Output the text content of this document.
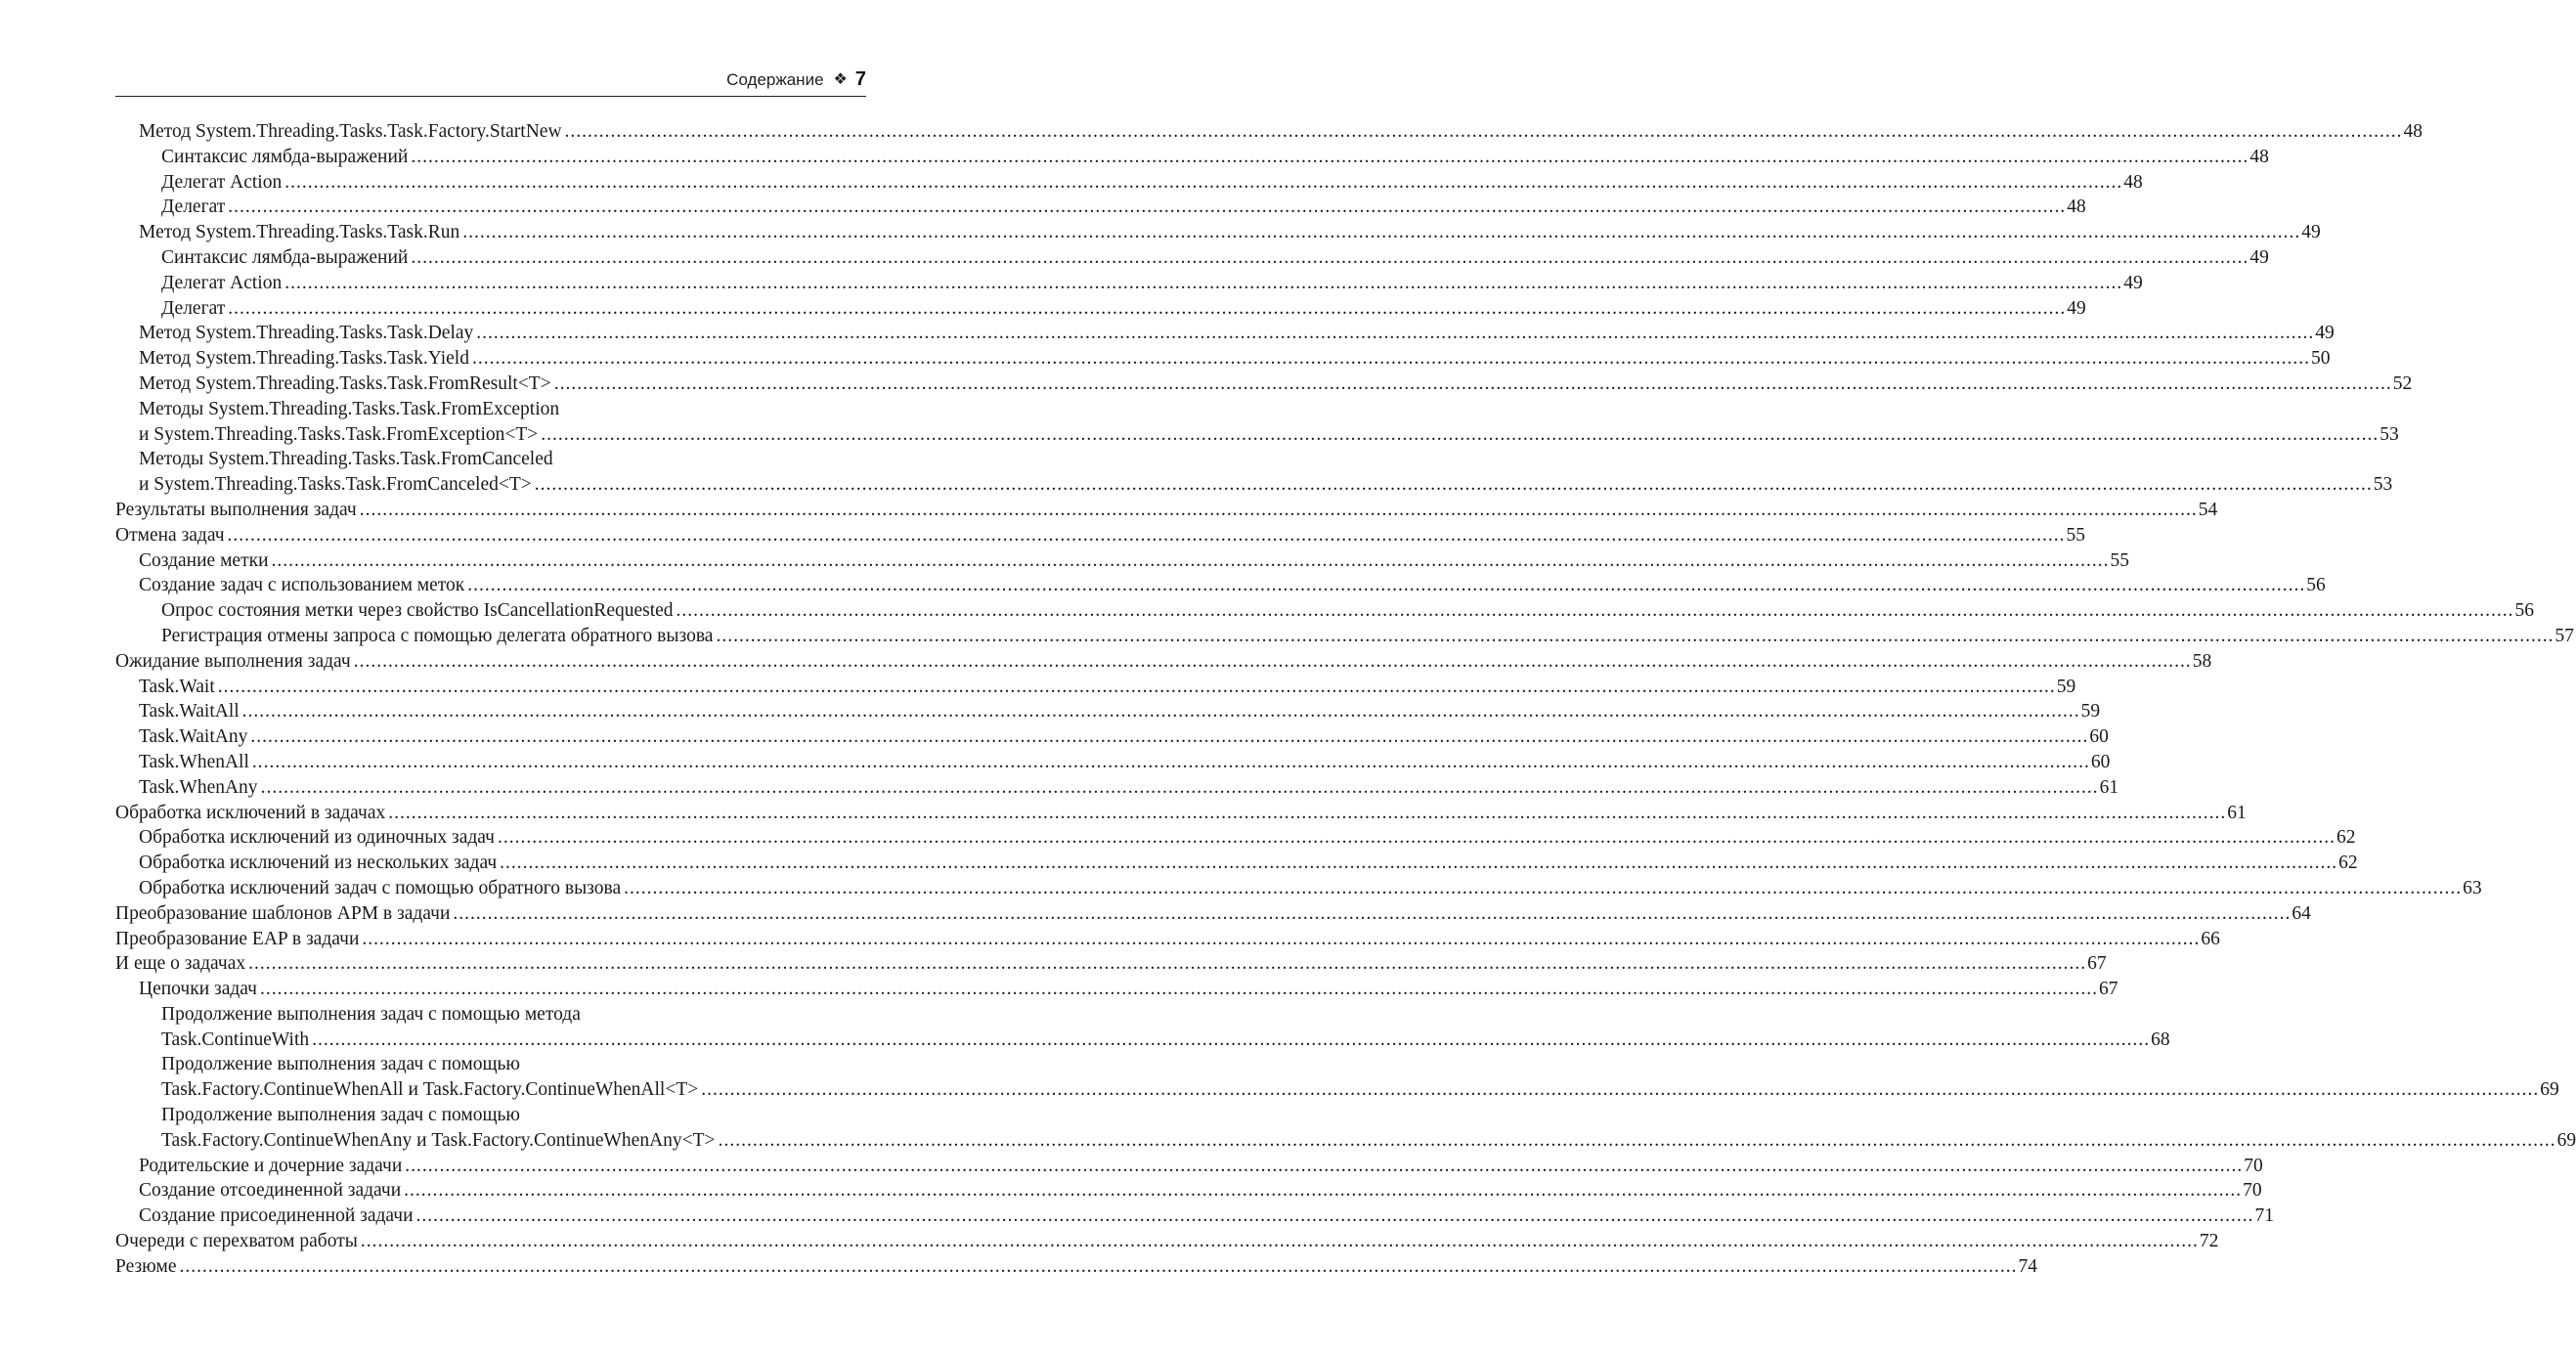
Содержание ❖ 7
Метод System.Threading.Tasks.Task.Factory.StartNew .....	48
Синтаксис лямбда-выражений .....	48
Делегат Action .....	48
Делегат .....	48
Метод System.Threading.Tasks.Task.Run .....	49
Синтаксис лямбда-выражений .....	49
Делегат Action .....	49
Делегат .....	49
Метод System.Threading.Tasks.Task.Delay .....	49
Метод System.Threading.Tasks.Task.Yield .....	50
Метод System.Threading.Tasks.Task.FromResult<T> .....	52
Методы System.Threading.Tasks.Task.FromException
и System.Threading.Tasks.Task.FromException<T> .....	53
Методы System.Threading.Tasks.Task.FromCanceled
и System.Threading.Tasks.Task.FromCanceled<T> .....	53
Результаты выполнения задач .....	54
Отмена задач .....	55
Создание метки .....	55
Создание задач с использованием меток .....	56
Опрос состояния метки через свойство IsCancellationRequested .....	56
Регистрация отмены запроса с помощью делегата обратного вызова .....	57
Ожидание выполнения задач .....	58
Task.Wait .....	59
Task.WaitAll .....	59
Task.WaitAny .....	60
Task.WhenAll .....	60
Task.WhenAny .....	61
Обработка исключений в задачах .....	61
Обработка исключений из одиночных задач .....	62
Обработка исключений из нескольких задач .....	62
Обработка исключений задач с помощью обратного вызова .....	63
Преобразование шаблонов APM в задачи .....	64
Преобразование EAP в задачи .....	66
И еще о задачах .....	67
Цепочки задач .....	67
Продолжение выполнения задач с помощью метода
Task.ContinueWith .....	68
Продолжение выполнения задач с помощью
Task.Factory.ContinueWhenAll и Task.Factory.ContinueWhenAll<T> .....	69
Продолжение выполнения задач с помощью
Task.Factory.ContinueWhenAny и Task.Factory.ContinueWhenAny<T> .....	69
Родительские и дочерние задачи .....	70
Создание отсоединенной задачи .....	70
Создание присоединенной задачи .....	71
Очереди с перехватом работы .....	72
Резюме .....	74
